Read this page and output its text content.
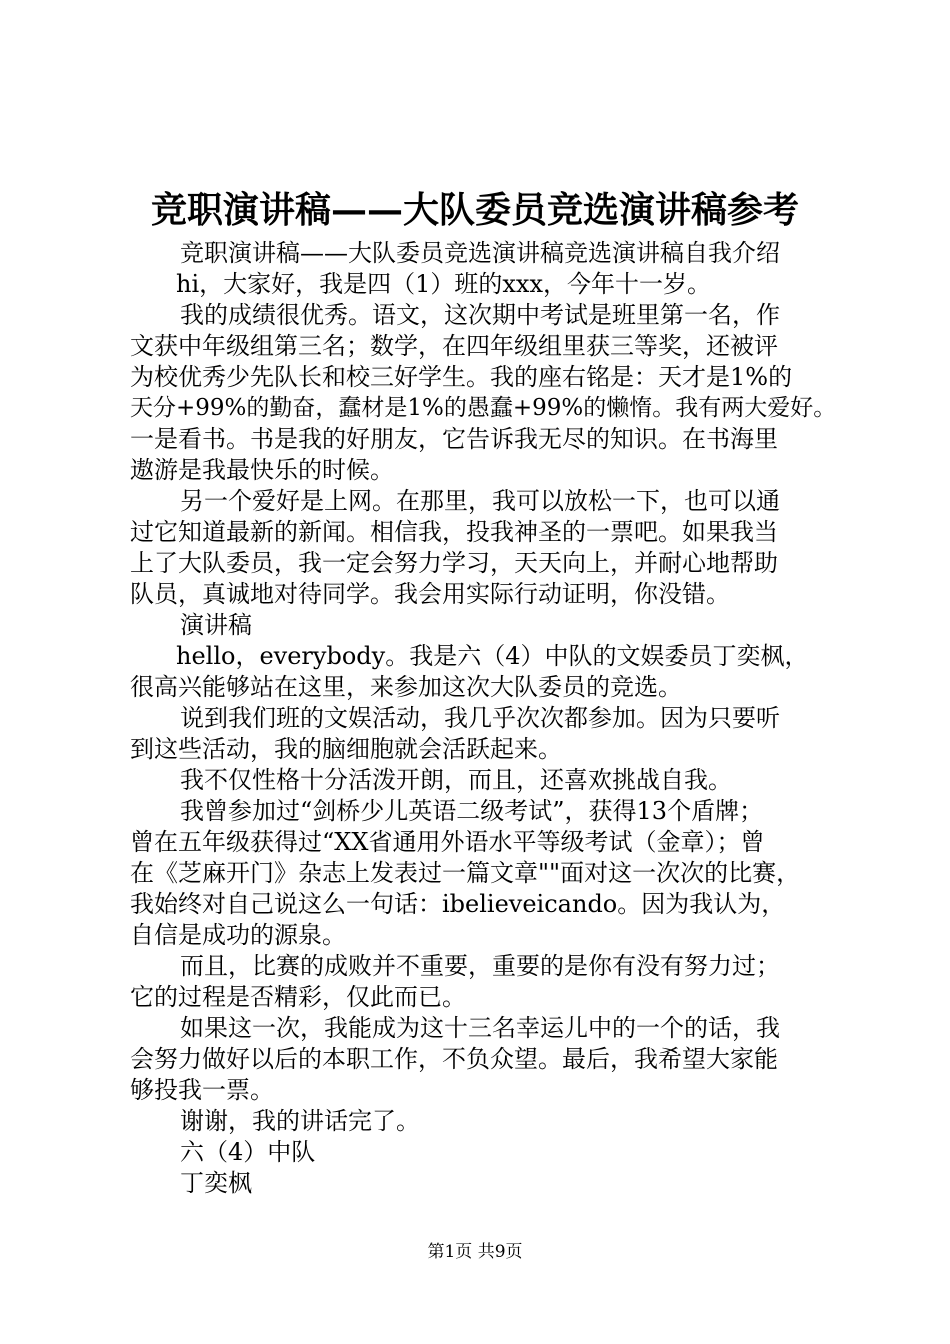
竞职演讲稿——大队委员竞选演讲稿参考
竞职演讲稿——大队委员竞选演讲稿竞选演讲稿自我介绍
hi，大家好，我是四（1）班的xxx，今年十一岁。
我的成绩很优秀。语文，这次期中考试是班里第一名，作
文获中年级组第三名；数学，在四年级组里获三等奖，还被评
为校优秀少先队长和校三好学生。我的座右铭是：天才是1%的
天分+99%的勤奋，蠢材是1%的愚蠢+99%的懒惰。我有两大爱好。
一是看书。书是我的好朋友，它告诉我无尽的知识。在书海里
遨游是我最快乐的时候。
另一个爱好是上网。在那里，我可以放松一下，也可以通
过它知道最新的新闻。相信我，投我神圣的一票吧。如果我当
上了大队委员，我一定会努力学习，天天向上，并耐心地帮助
队员，真诚地对待同学。我会用实际行动证明，你没错。
演讲稿
hello，everybody。我是六（4）中队的文娱委员丁奕枫，
很高兴能够站在这里，来参加这次大队委员的竞选。
说到我们班的文娱活动，我几乎次次都参加。因为只要听
到这些活动，我的脑细胞就会活跃起来。
我不仅性格十分活泼开朗，而且，还喜欢挑战自我。
我曾参加过“剑桥少儿英语二级考试”，获得13个盾牌；
曾在五年级获得过“XX省通用外语水平等级考试（金章）；曾
在《芝麻开门》杂志上发表过一篇文章""面对这一次次的比赛，
我始终对自己说这么一句话：ibelieveicando。因为我认为，
自信是成功的源泉。
而且，比赛的成败并不重要，重要的是你有没有努力过；
它的过程是否精彩，仅此而已。
如果这一次，我能成为这十三名幸运儿中的一个的话，我
会努力做好以后的本职工作，不负众望。最后，我希望大家能
够投我一票。
谢谢，我的讲话完了。
六（4）中队
丁奕枫
第1页 共9页
